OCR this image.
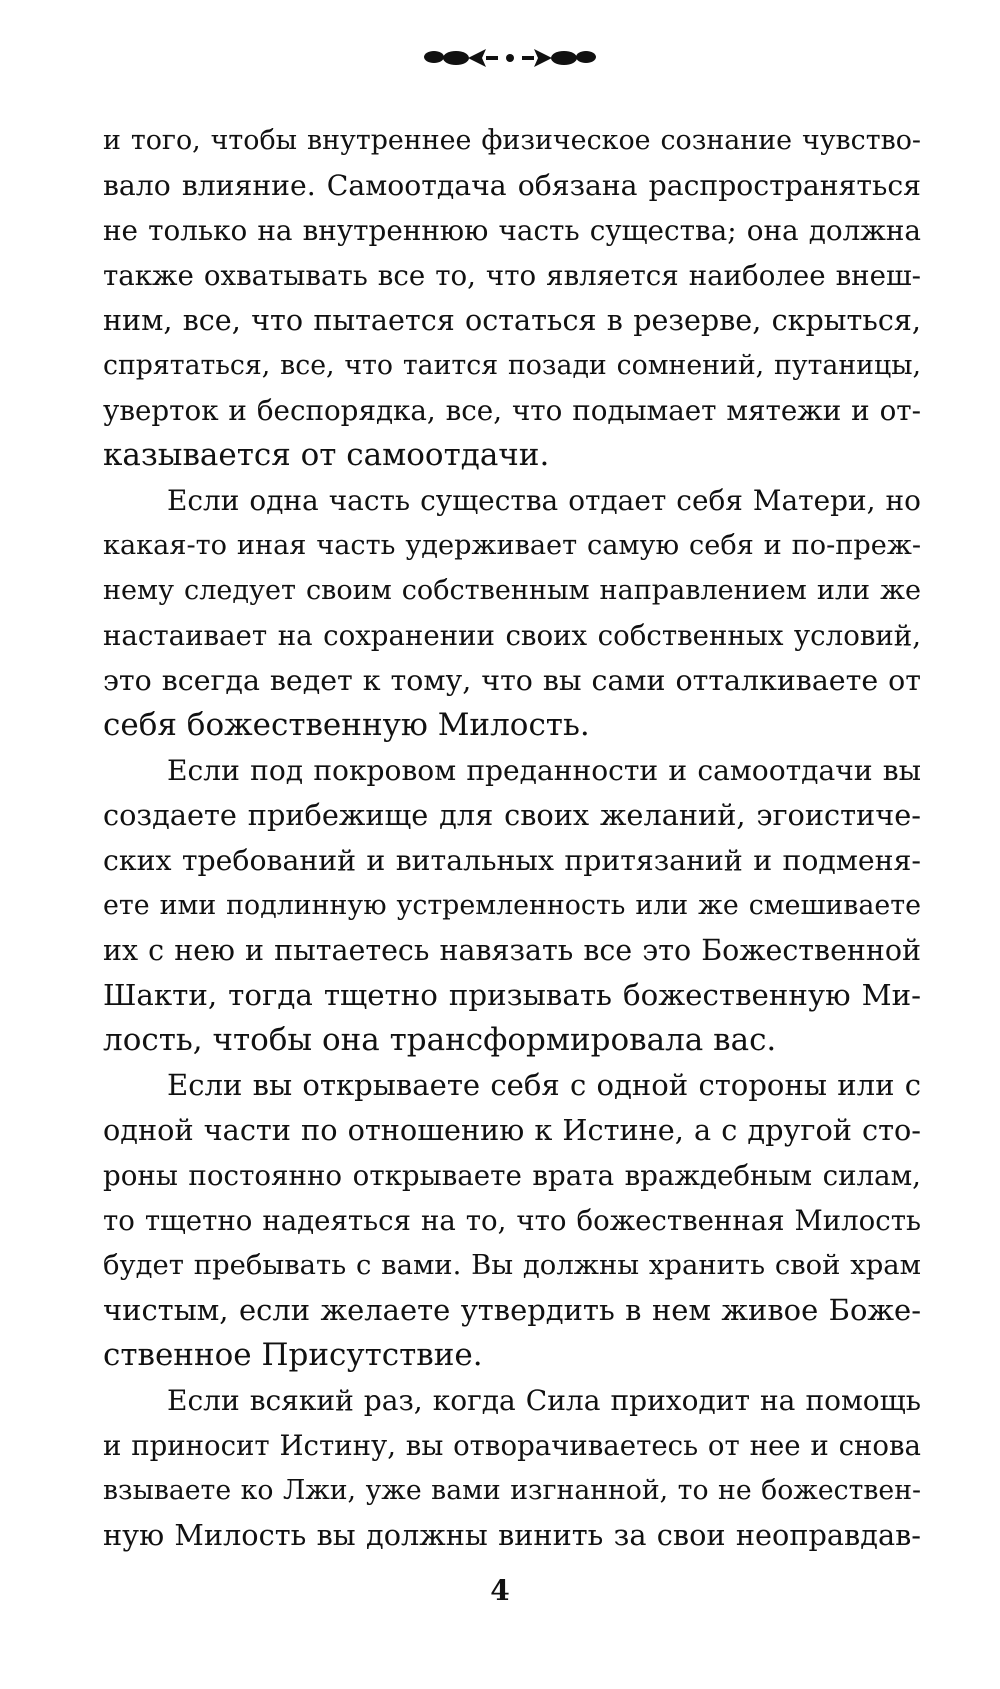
и того, чтобы внутреннее физическое сознание чувство-
вало влияние. Самоотдача обязана распространяться
не только на внутреннюю часть существа; она должна
также охватывать все то, что является наиболее внеш-
ним, все, что пытается остаться в резерве, скрыться,
спрятаться, все, что таится позади сомнений, путаницы,
уверток и беспорядка, все, что подымает мятежи и от-
казывается от самоотдачи.
Если одна часть существа отдает себя Матери, но
какая-то иная часть удерживает самую себя и по-преж-
нему следует своим собственным направлением или же
настаивает на сохранении своих собственных условий,
это всегда ведет к тому, что вы сами отталкиваете от
себя божественную Милость.
Если под покровом преданности и самоотдачи вы
создаете прибежище для своих желаний, эгоистиче-
ских требований и витальных притязаний и подменя-
ете ими подлинную устремленность или же смешиваете
их с нею и пытаетесь навязать все это Божественной
Шакти, тогда тщетно призывать божественную Ми-
лость, чтобы она трансформировала вас.
Если вы открываете себя с одной стороны или с
одной части по отношению к Истине, а с другой сто-
роны постоянно открываете врата враждебным силам,
то тщетно надеяться на то, что божественная Милость
будет пребывать с вами. Вы должны хранить свой храм
чистым, если желаете утвердить в нем живое Боже-
ственное Присутствие.
Если всякий раз, когда Сила приходит на помощь
и приносит Истину, вы отворачиваетесь от нее и снова
взываете ко Лжи, уже вами изгнанной, то не божествен-
ную Милость вы должны винить за свои неоправдав-
4
